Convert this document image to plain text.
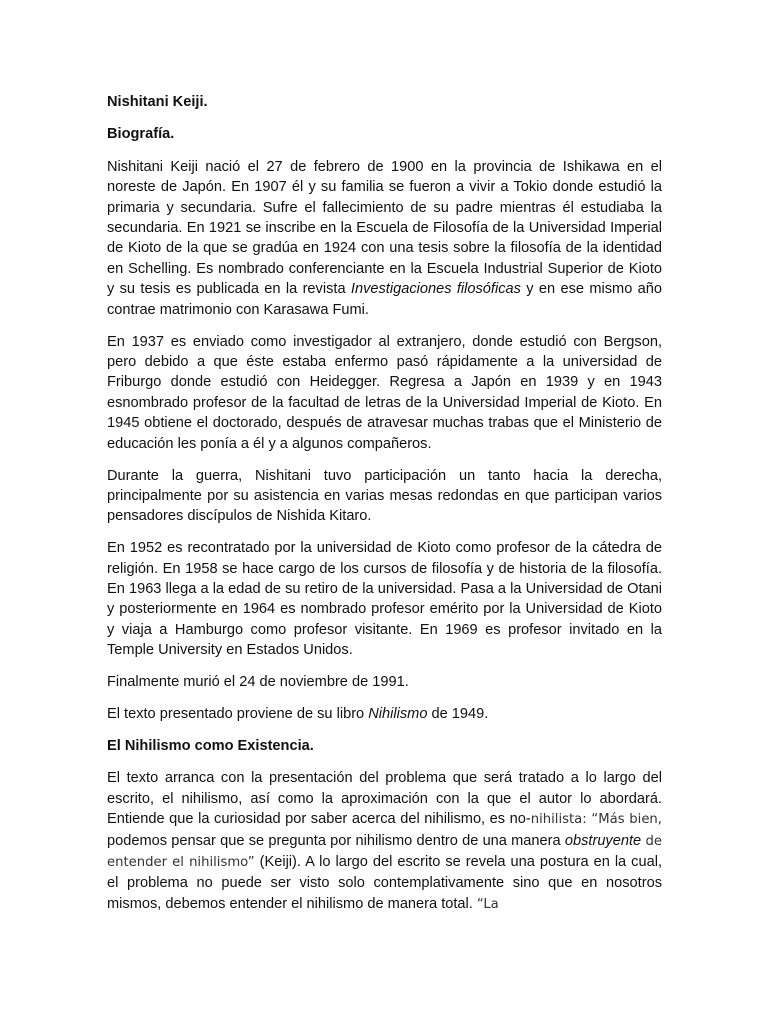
Nishitani Keiji.
Biografía.

Nishitani Keiji nació el 27 de febrero de 1900 en la provincia de Ishikawa en el noreste de Japón. En 1907 él y su familia se fueron a vivir a Tokio donde estudió la primaria y secundaria. Sufre el fallecimiento de su padre mientras él estudiaba la secundaria. En 1921 se inscribe en la Escuela de Filosofía de la Universidad Imperial de Kioto de la que se gradúa en 1924 con una tesis sobre la filosofía de la identidad en Schelling. Es nombrado conferenciante en la Escuela Industrial Superior de Kioto y su tesis es publicada en la revista Investigaciones filosóficas y en ese mismo año contrae matrimonio con Karasawa Fumi.

En 1937 es enviado como investigador al extranjero, donde estudió con Bergson, pero debido a que éste estaba enfermo pasó rápidamente a la universidad de Friburgo donde estudió con Heidegger. Regresa a Japón en 1939 y en 1943 esnombrado profesor de la facultad de letras de la Universidad Imperial de Kioto. En 1945 obtiene el doctorado, después de atravesar muchas trabas que el Ministerio de educación les ponía a él y a algunos compañeros.

Durante la guerra, Nishitani tuvo participación un tanto hacia la derecha, principalmente por su asistencia en varias mesas redondas en que participan varios pensadores discípulos de Nishida Kitaro.

En 1952 es recontratado por la universidad de Kioto como profesor de la cátedra de religión. En 1958 se hace cargo de los cursos de filosofía y de historia de la filosofía. En 1963 llega a la edad de su retiro de la universidad. Pasa a la Universidad de Otani y posteriormente en 1964 es nombrado profesor emérito por la Universidad de Kioto y viaja a Hamburgo como profesor visitante. En 1969 es profesor invitado en la Temple University en Estados Unidos.

Finalmente murió el 24 de noviembre de 1991.

El texto presentado proviene de su libro Nihilismo de 1949.

El Nihilismo como Existencia.

El texto arranca con la presentación del problema que será tratado a lo largo del escrito, el nihilismo, así como la aproximación con la que el autor lo abordará. Entiende que la curiosidad por saber acerca del nihilismo, es no-nihilista: “Más bien, podemos pensar que se pregunta por nihilismo dentro de una manera obstruyente de entender el nihilismo” (Keiji). A lo largo del escrito se revela una postura en la cual, el problema no puede ser visto solo contemplativamente sino que en nosotros mismos, debemos entender el nihilismo de manera total. “La
